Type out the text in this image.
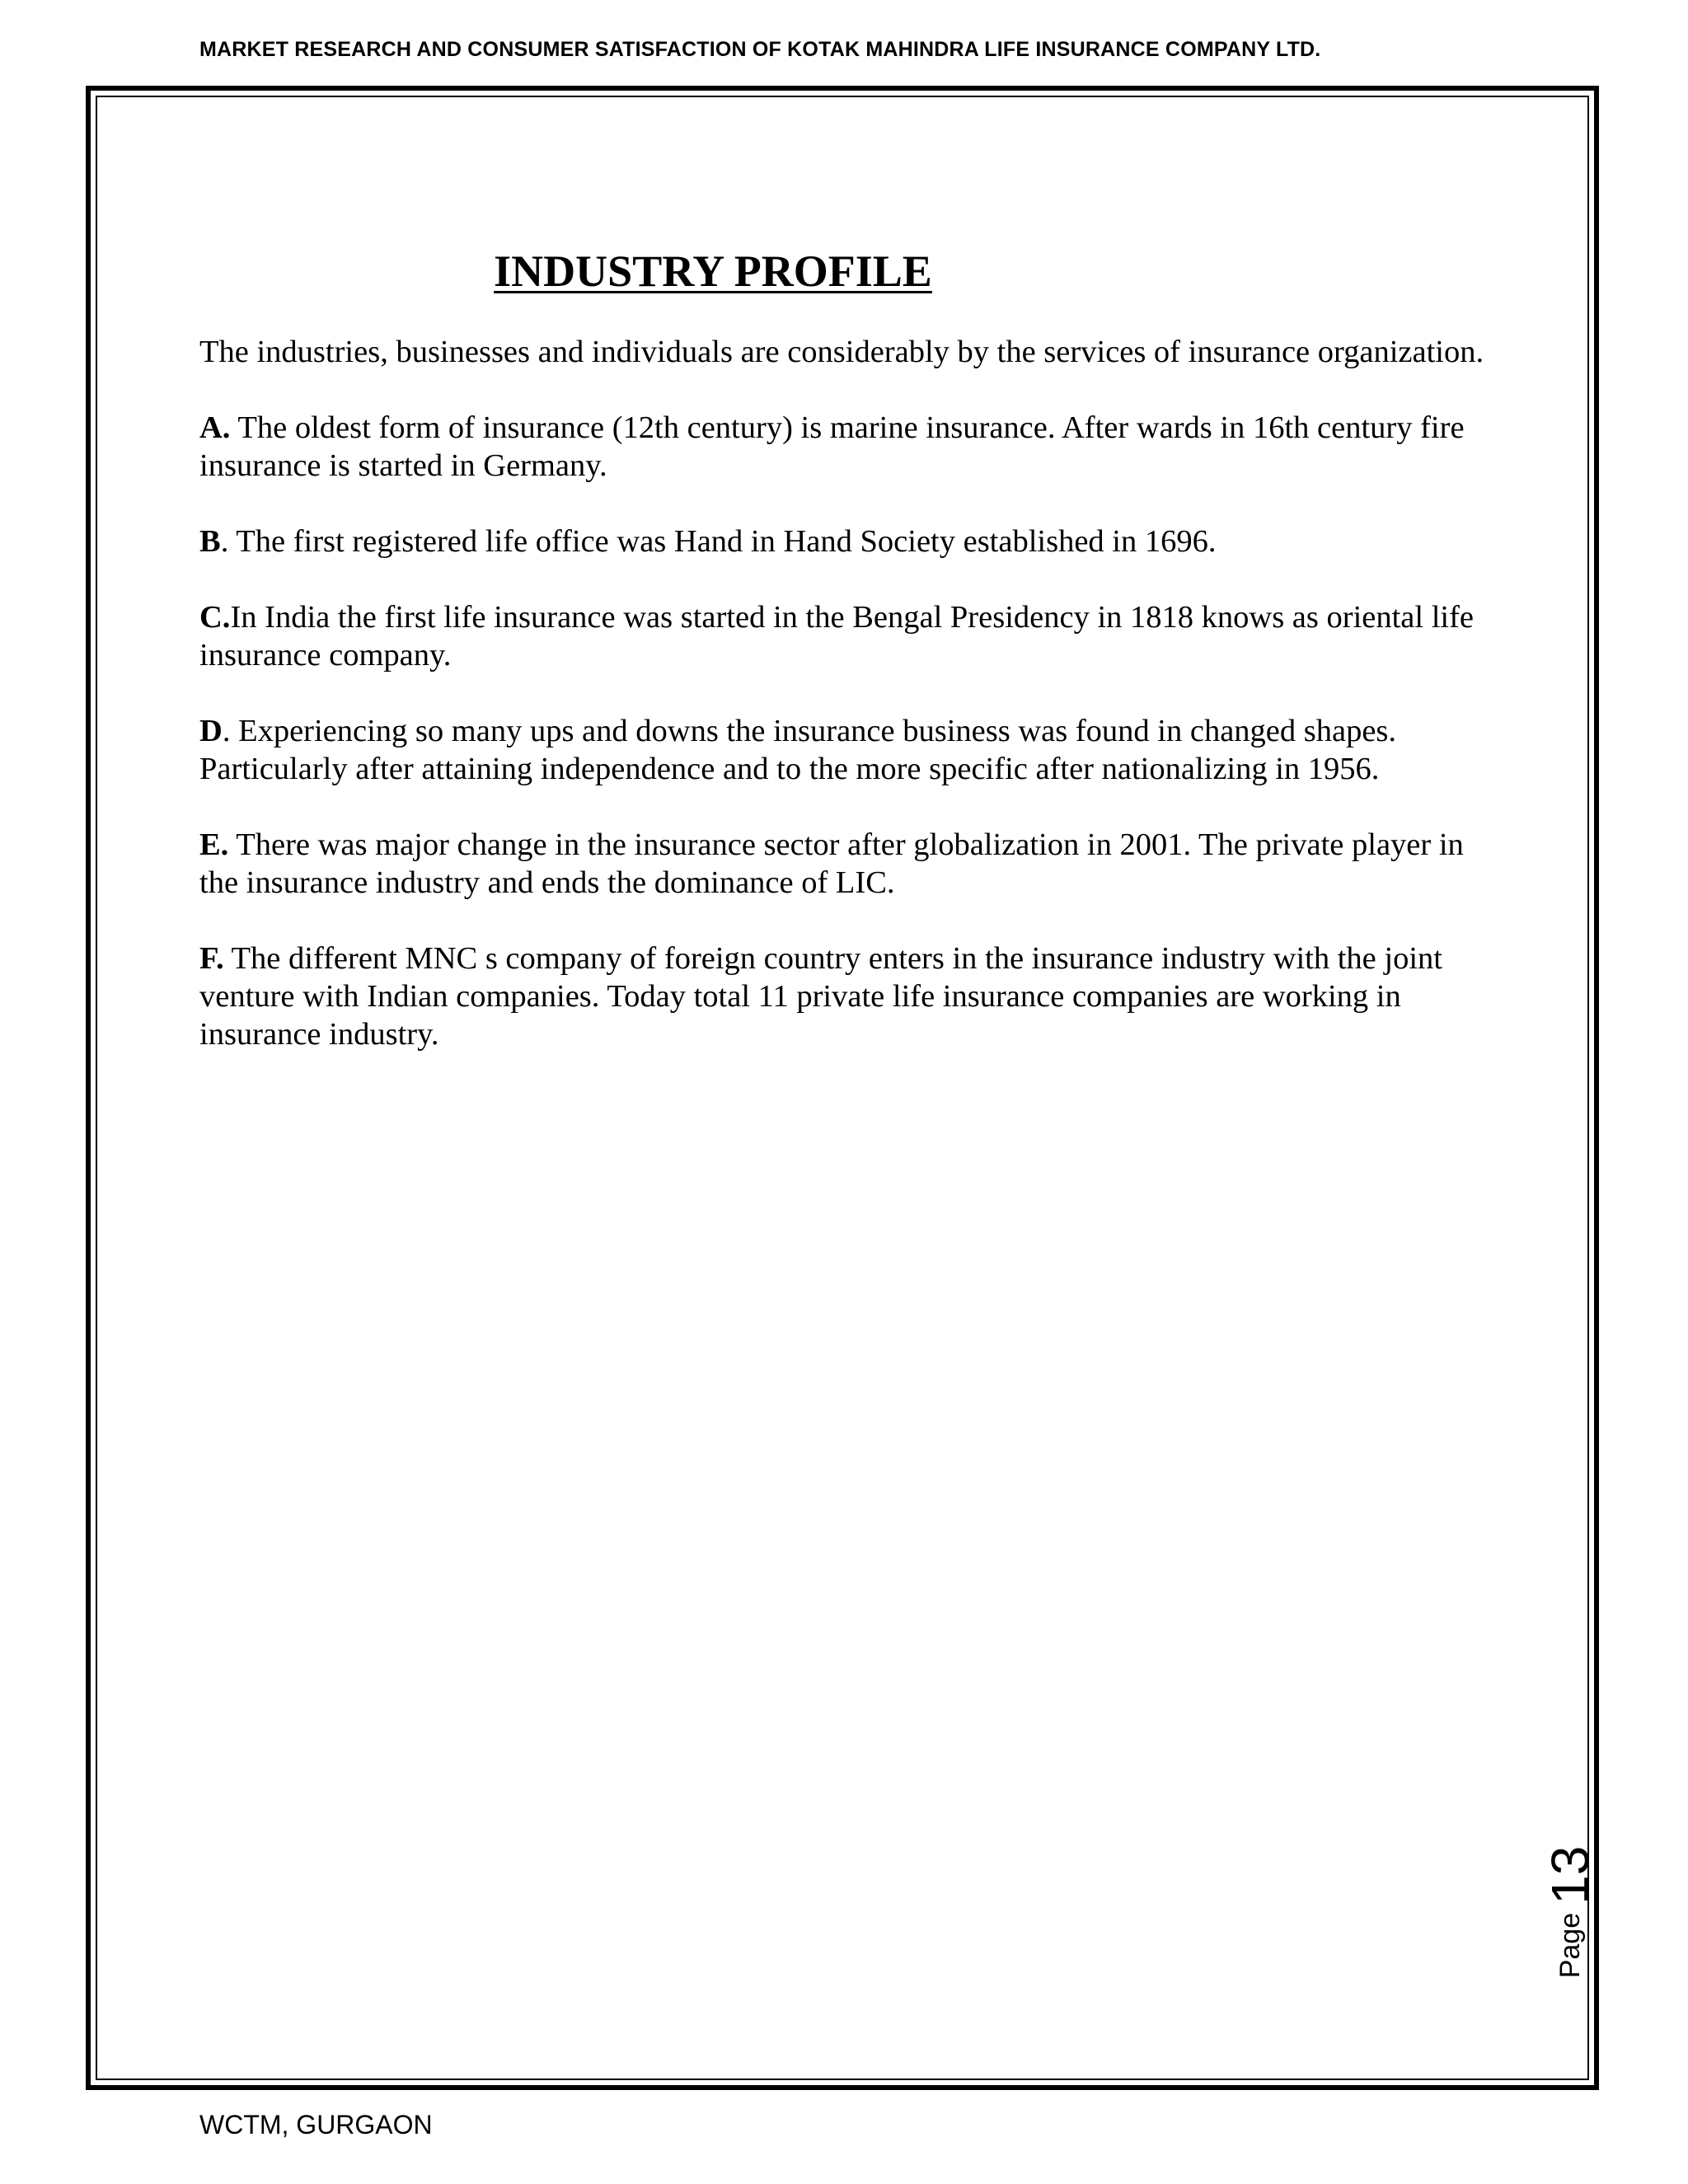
MARKET RESEARCH AND CONSUMER SATISFACTION OF KOTAK MAHINDRA LIFE INSURANCE COMPANY LTD.
INDUSTRY PROFILE

The industries, businesses and individuals are considerably by the services of insurance organization.

A. The oldest form of insurance (12th century) is marine insurance. After wards in 16th century fire insurance is started in Germany.

B. The first registered life office was Hand in Hand Society established in 1696.

C.In India the first life insurance was started in the Bengal Presidency in 1818 knows as oriental life insurance company.

D. Experiencing so many ups and downs the insurance business was found in changed shapes. Particularly after attaining independence and to the more specific after nationalizing in 1956.

E. There was major change in the insurance sector after globalization in 2001. The private player in the insurance industry and ends the dominance of LIC.

F. The different MNC s company of foreign country enters in the insurance industry with the joint venture with Indian companies. Today total 11 private life insurance companies are working in insurance industry.

Page
13
WCTM, GURGAON
